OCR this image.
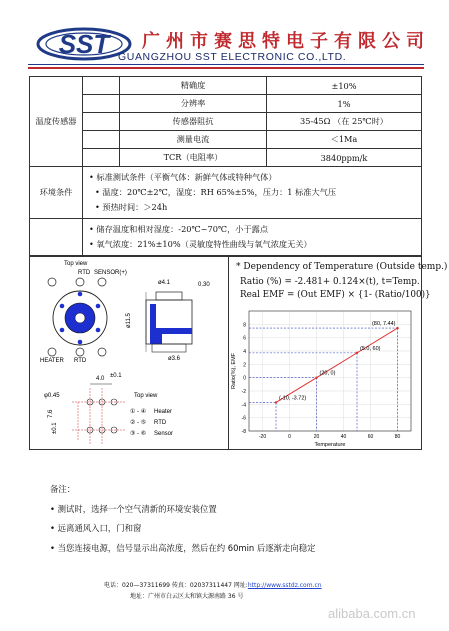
SST 广州市赛思特电子有限公司
GUANGZHOU SST ELECTRONIC CO.,LTD.
温度传感器		精确度	±10%
		分辨率	1%
		传感器阻抗	35-45Ω （在 25℃时）
		测量电流	＜1Ma
		TCR（电阻率）	3840ppm/k
环境条件	• 标准测试条件（平衡气体：新鲜气体或特种气体）
• 温度：20℃±2℃，湿度：RH 65%±5%，压力：1 标准大气压
• 预热时间：＞24h		

	• 储存温度和相对湿度：-20℃~70℃，小于露点
• 氧气浓度：21%±10%（灵敏度特性曲线与氧气浓度无关）		
Top view
RTD SENSOR(+)
HEATER RTD
ø4.1	0.30
ø11.5
ø3.6
4.0 ±0.1
φ0.45	Top view
7.6
±0.1
① - ④ Heater
② - ⑤ RTD
③ - ⑥ Sensor
* Dependency of Temperature (Outside temp.)
Ratio (%) = -2.481+ 0.124×(t), t=Temp.
Real EMF = (Out EMF) × {1- (Ratio/100)}
-8
-6
-4
-2
0
2
4
6
8
-20	0	20	40	60	80
Temperature
Ratio(%), EMF
(80, 7.44)
(5.0, 60)
(20, 0)
(-10, -3.72)
备注：
• 测试时，选择一个空气清新的环境安装位置
• 远离通风入口，门和窗
• 当您连接电源，信号显示出高浓度，然后在约 60min 后逐渐走向稳定
电话：020—37311699 传真：02037311447 网址:http://www.sstdz.com.cn
地址：广州市白云区太和镇大源南路 36 号
alibaba.com.cn
